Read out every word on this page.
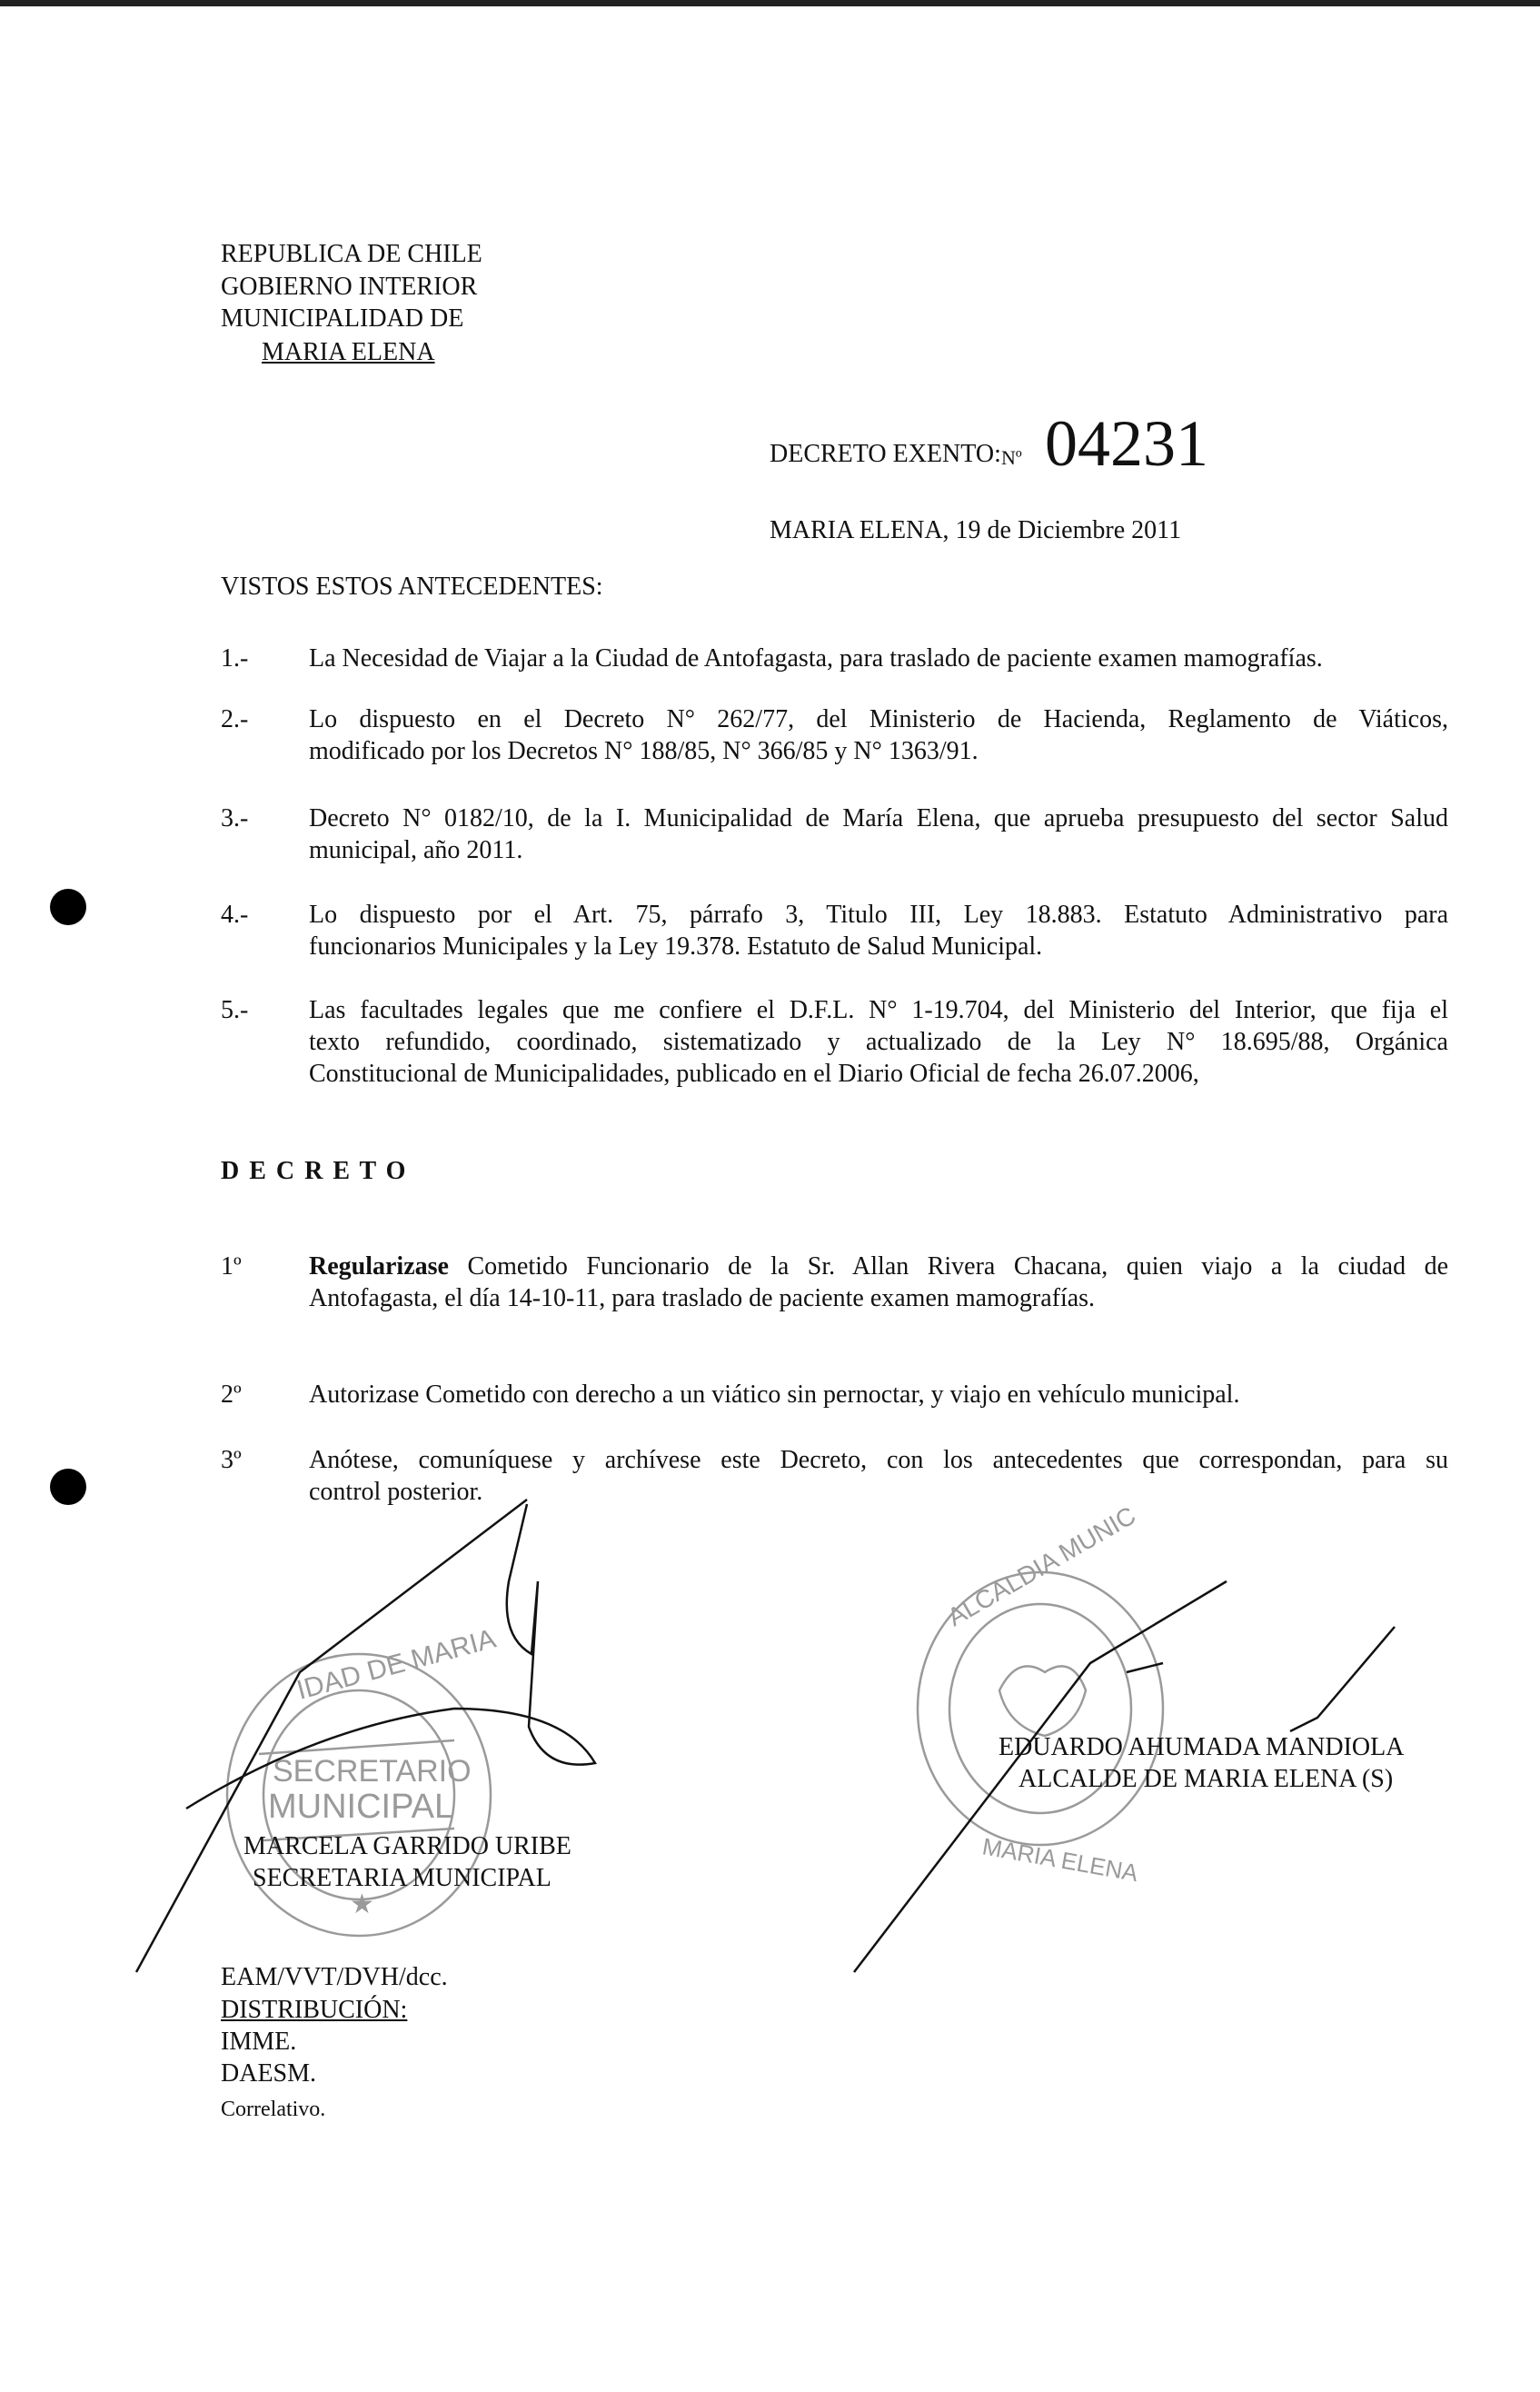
REPUBLICA DE CHILE
GOBIERNO INTERIOR
MUNICIPALIDAD DE
MARIA ELENA
DECRETO EXENTO: Nº 04231
MARIA ELENA, 19 de Diciembre 2011
VISTOS ESTOS ANTECEDENTES:
1.- La Necesidad de Viajar a la Ciudad de Antofagasta, para traslado de paciente examen mamografías.
2.- Lo dispuesto en el Decreto N° 262/77, del Ministerio de Hacienda, Reglamento de Viáticos,
modificado por los Decretos N° 188/85, N° 366/85 y N° 1363/91.
3.- Decreto N° 0182/10, de la I. Municipalidad de María Elena, que aprueba presupuesto del sector Salud
municipal, año 2011.
4.- Lo dispuesto por el Art. 75, párrafo 3, Titulo III, Ley 18.883. Estatuto Administrativo para
funcionarios Municipales y la Ley 19.378. Estatuto de Salud Municipal.
5.- Las facultades legales que me confiere el D.F.L. N° 1-19.704, del Ministerio del Interior, que fija el
texto refundido, coordinado, sistematizado y actualizado de la Ley N° 18.695/88, Orgánica
Constitucional de Municipalidades, publicado en el Diario Oficial de fecha 26.07.2006,
D E C R E T O
1º	Regularizase Cometido Funcionario de la Sr. Allan Rivera Chacana, quien viajo a la ciudad de
Antofagasta, el día 14-10-11, para traslado de paciente examen mamografías.
2º	Autorizase Cometido con derecho a un viático sin pernoctar, y viajo en vehículo municipal.
3º	Anótese, comuníquese y archívese este Decreto, con los antecedentes que correspondan, para su
control posterior.
SECRETARIO
MUNICIPAL
IDAD DE MARIA
★
ALCALDIA MUNIC
MARIA ELENA
MARCELA GARRIDO URIBE
SECRETARIA MUNICIPAL
EDUARDO AHUMADA MANDIOLA
ALCALDE DE MARIA ELENA (S)
EAM/VVT/DVH/dcc.
DISTRIBUCIÓN:
IMME.
DAESM.
Correlativo.
